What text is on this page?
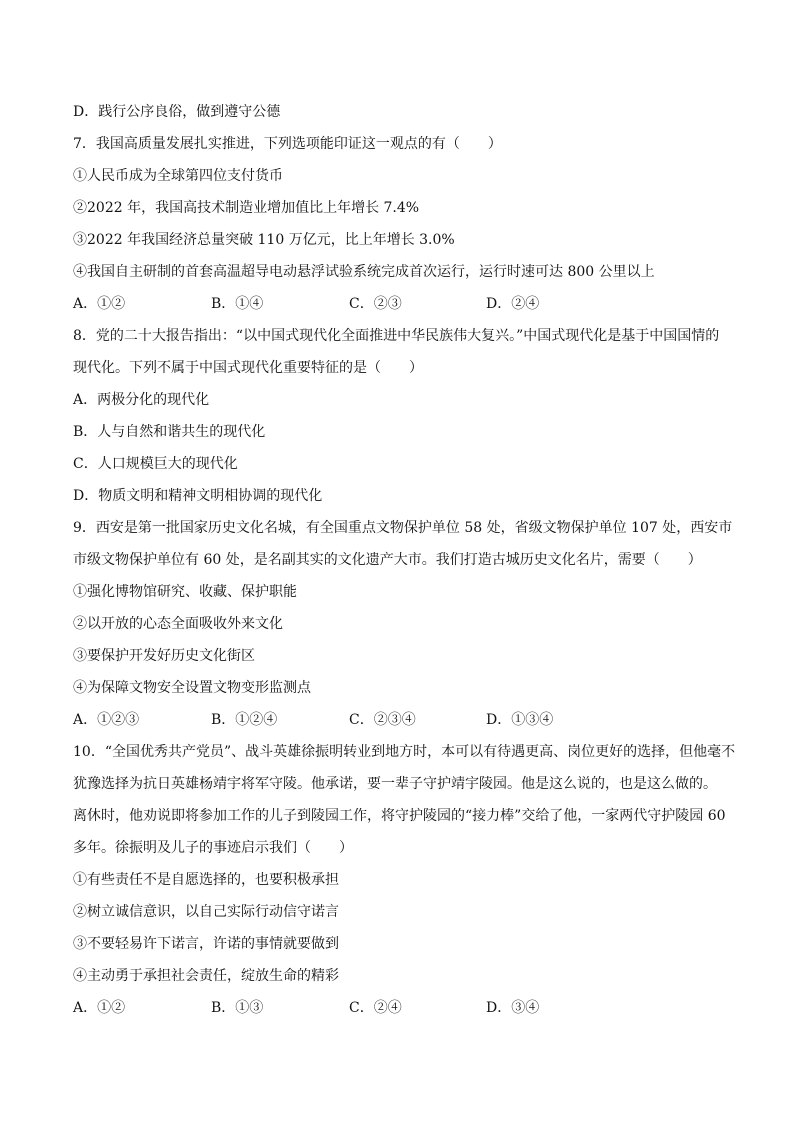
D．践行公序良俗，做到遵守公德
7．我国高质量发展扎实推进，下列选项能印证这一观点的有（　　）
①人民币成为全球第四位支付货币
②2022 年，我国高技术制造业增加值比上年增长 7.4%
③2022 年我国经济总量突破 110 万亿元，比上年增长 3.0%
④我国自主研制的首套高温超导电动悬浮试验系统完成首次运行，运行时速可达 800 公里以上
A．①②	B．①④	C．②③	D．②④
8．党的二十大报告指出：“以中国式现代化全面推进中华民族伟大复兴。”中国式现代化是基于中国国情的
现代化。下列不属于中国式现代化重要特征的是（　　）
A．两极分化的现代化
B．人与自然和谐共生的现代化
C．人口规模巨大的现代化
D．物质文明和精神文明相协调的现代化
9．西安是第一批国家历史文化名城，有全国重点文物保护单位 58 处，省级文物保护单位 107 处，西安市
市级文物保护单位有 60 处，是名副其实的文化遗产大市。我们打造古城历史文化名片，需要（　　）
①强化博物馆研究、收藏、保护职能
②以开放的心态全面吸收外来文化
③要保护开发好历史文化街区
④为保障文物安全设置文物变形监测点
A．①②③	B．①②④	C．②③④	D．①③④
10．“全国优秀共产党员”、战斗英雄徐振明转业到地方时，本可以有待遇更高、岗位更好的选择，但他毫不
犹豫选择为抗日英雄杨靖宇将军守陵。他承诺，要一辈子守护靖宇陵园。他是这么说的，也是这么做的。
离休时，他劝说即将参加工作的儿子到陵园工作，将守护陵园的“接力棒”交给了他，一家两代守护陵园 60
多年。徐振明及儿子的事迹启示我们（　　）
①有些责任不是自愿选择的，也要积极承担
②树立诚信意识，以自己实际行动信守诺言
③不要轻易许下诺言，许诺的事情就要做到
④主动勇于承担社会责任，绽放生命的精彩
A．①②	B．①③	C．②④	D．③④
